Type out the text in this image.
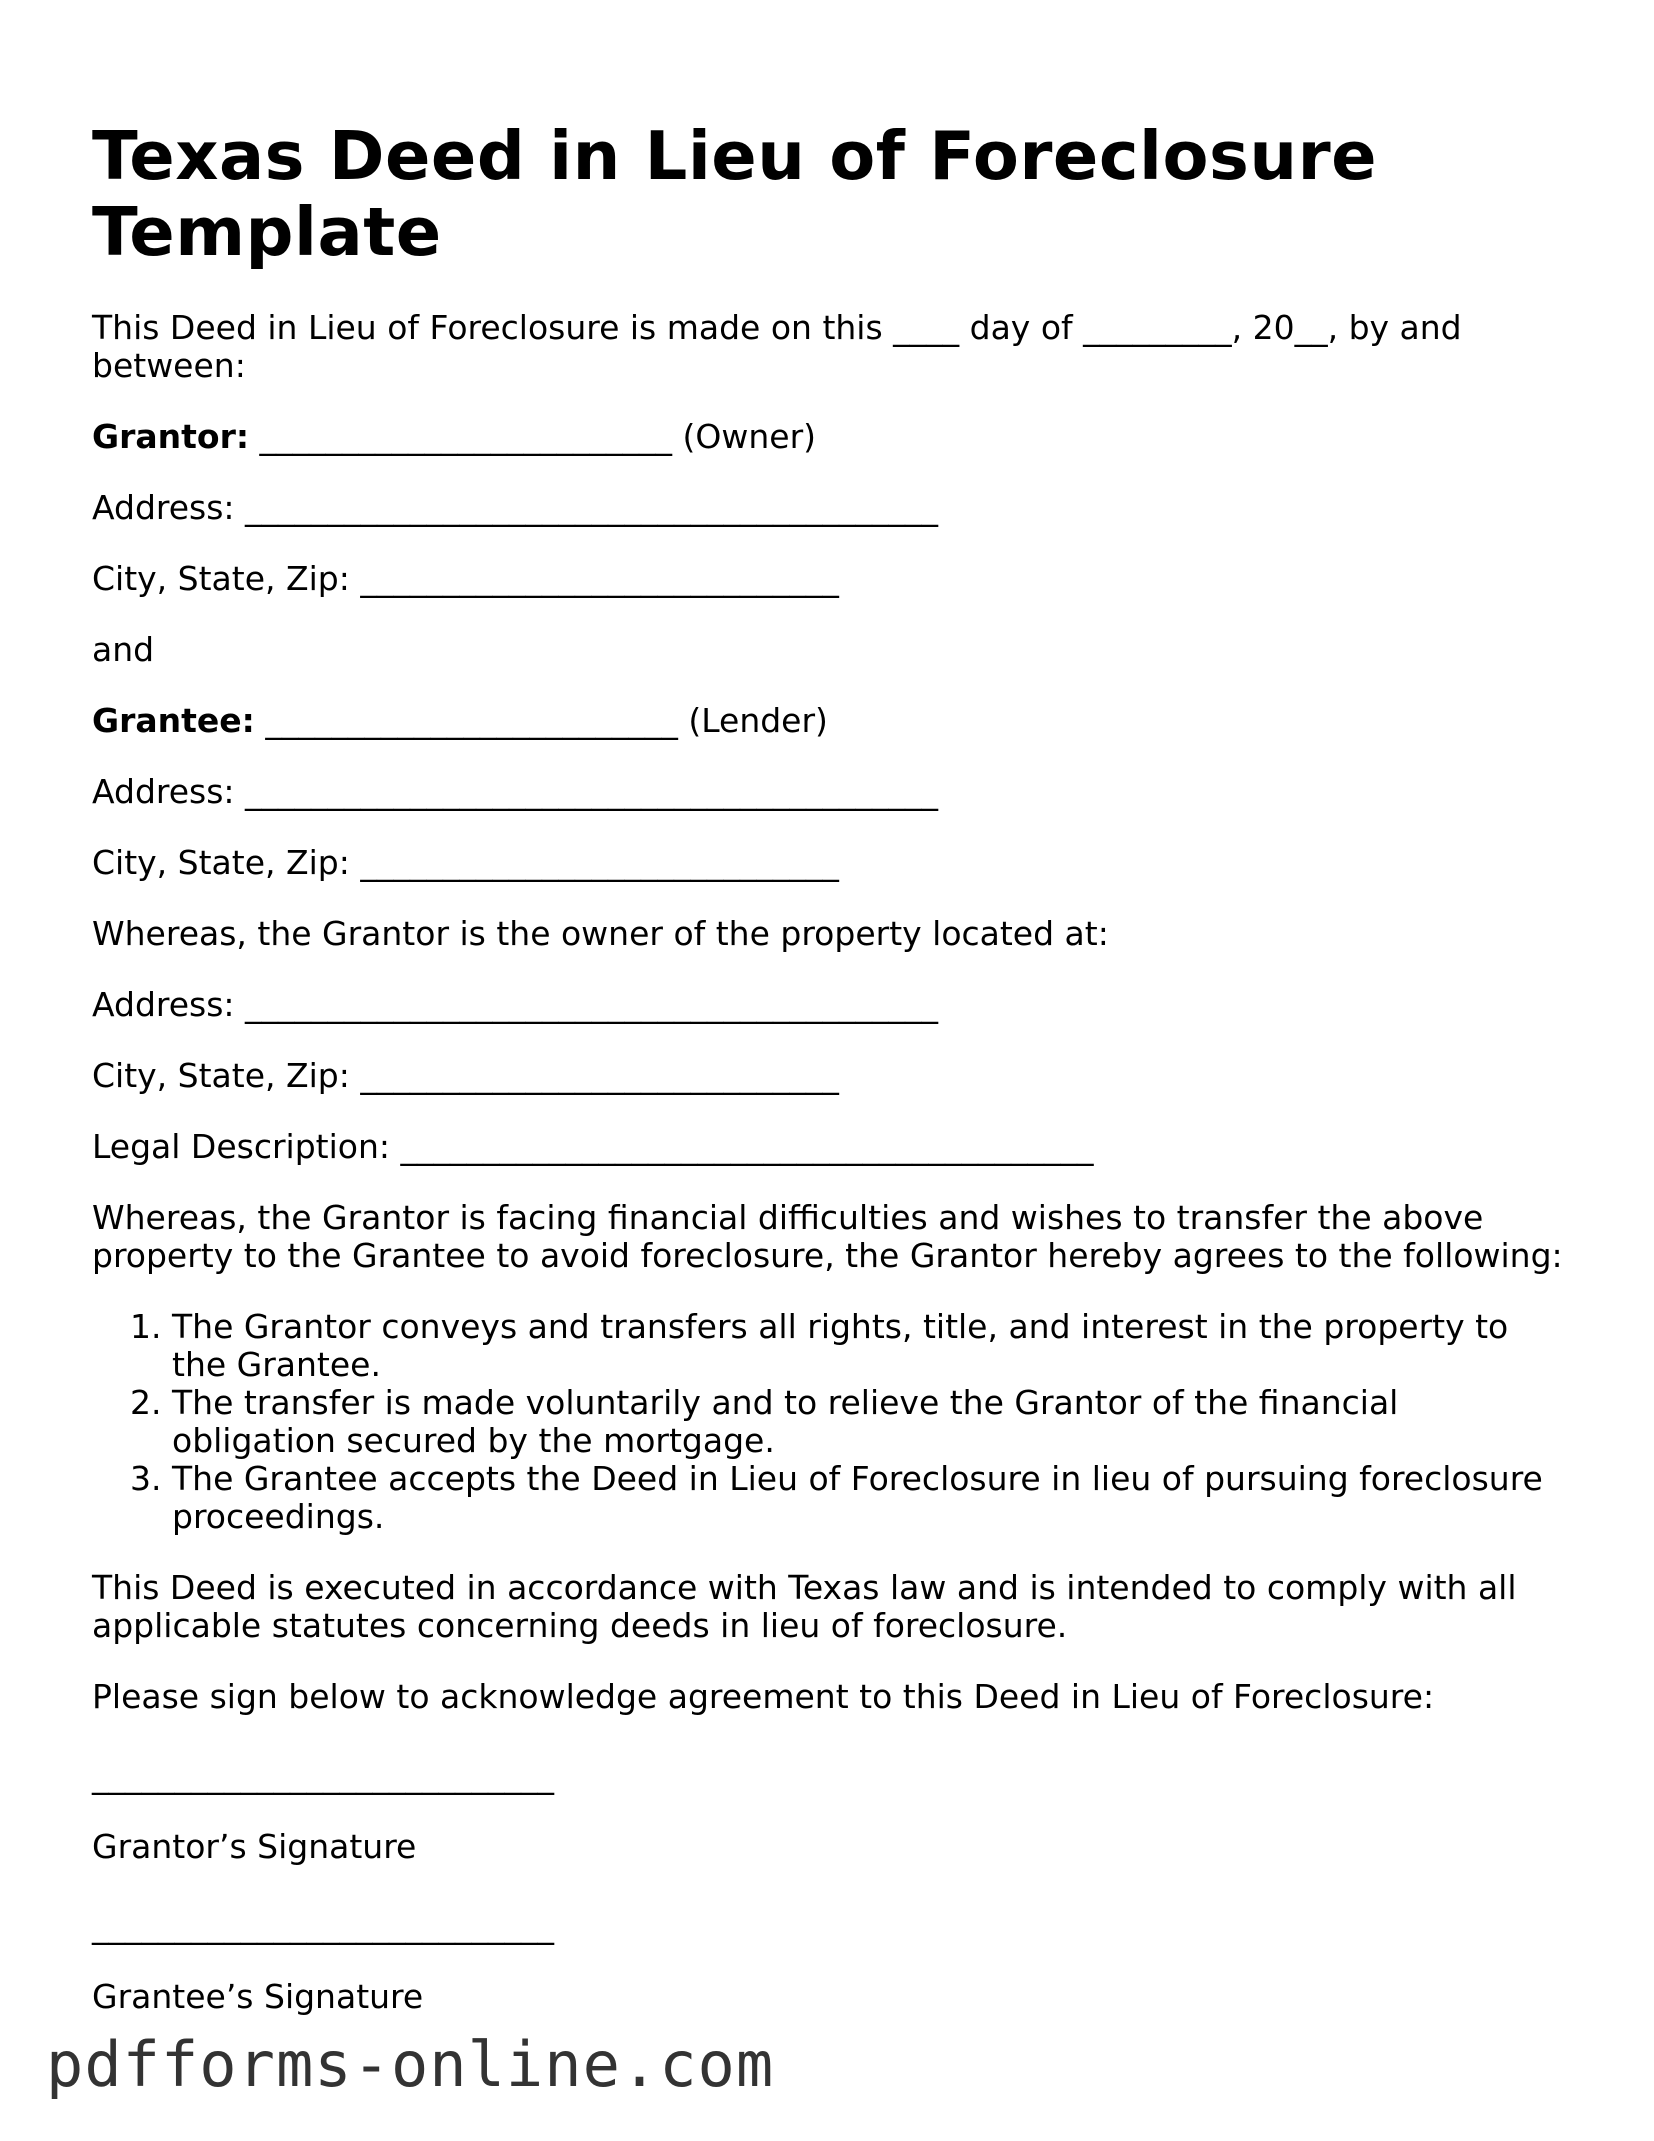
Texas Deed in Lieu of Foreclosure Template

This Deed in Lieu of Foreclosure is made on this ____ day of _________, 20__, by and between:

Grantor: _________________________ (Owner)

Address: __________________________________________

City, State, Zip: _____________________________

and

Grantee: _________________________ (Lender)

Address: __________________________________________

City, State, Zip: _____________________________

Whereas, the Grantor is the owner of the property located at:

Address: __________________________________________

City, State, Zip: _____________________________

Legal Description: __________________________________________

Whereas, the Grantor is facing financial difficulties and wishes to transfer the above property to the Grantee to avoid foreclosure, the Grantor hereby agrees to the following:

1. The Grantor conveys and transfers all rights, title, and interest in the property to the Grantee.
2. The transfer is made voluntarily and to relieve the Grantor of the financial obligation secured by the mortgage.
3. The Grantee accepts the Deed in Lieu of Foreclosure in lieu of pursuing foreclosure proceedings.

This Deed is executed in accordance with Texas law and is intended to comply with all applicable statutes concerning deeds in lieu of foreclosure.

Please sign below to acknowledge agreement to this Deed in Lieu of Foreclosure:

____________________________

Grantor’s Signature

____________________________

Grantee’s Signature

pdfforms-online.com
